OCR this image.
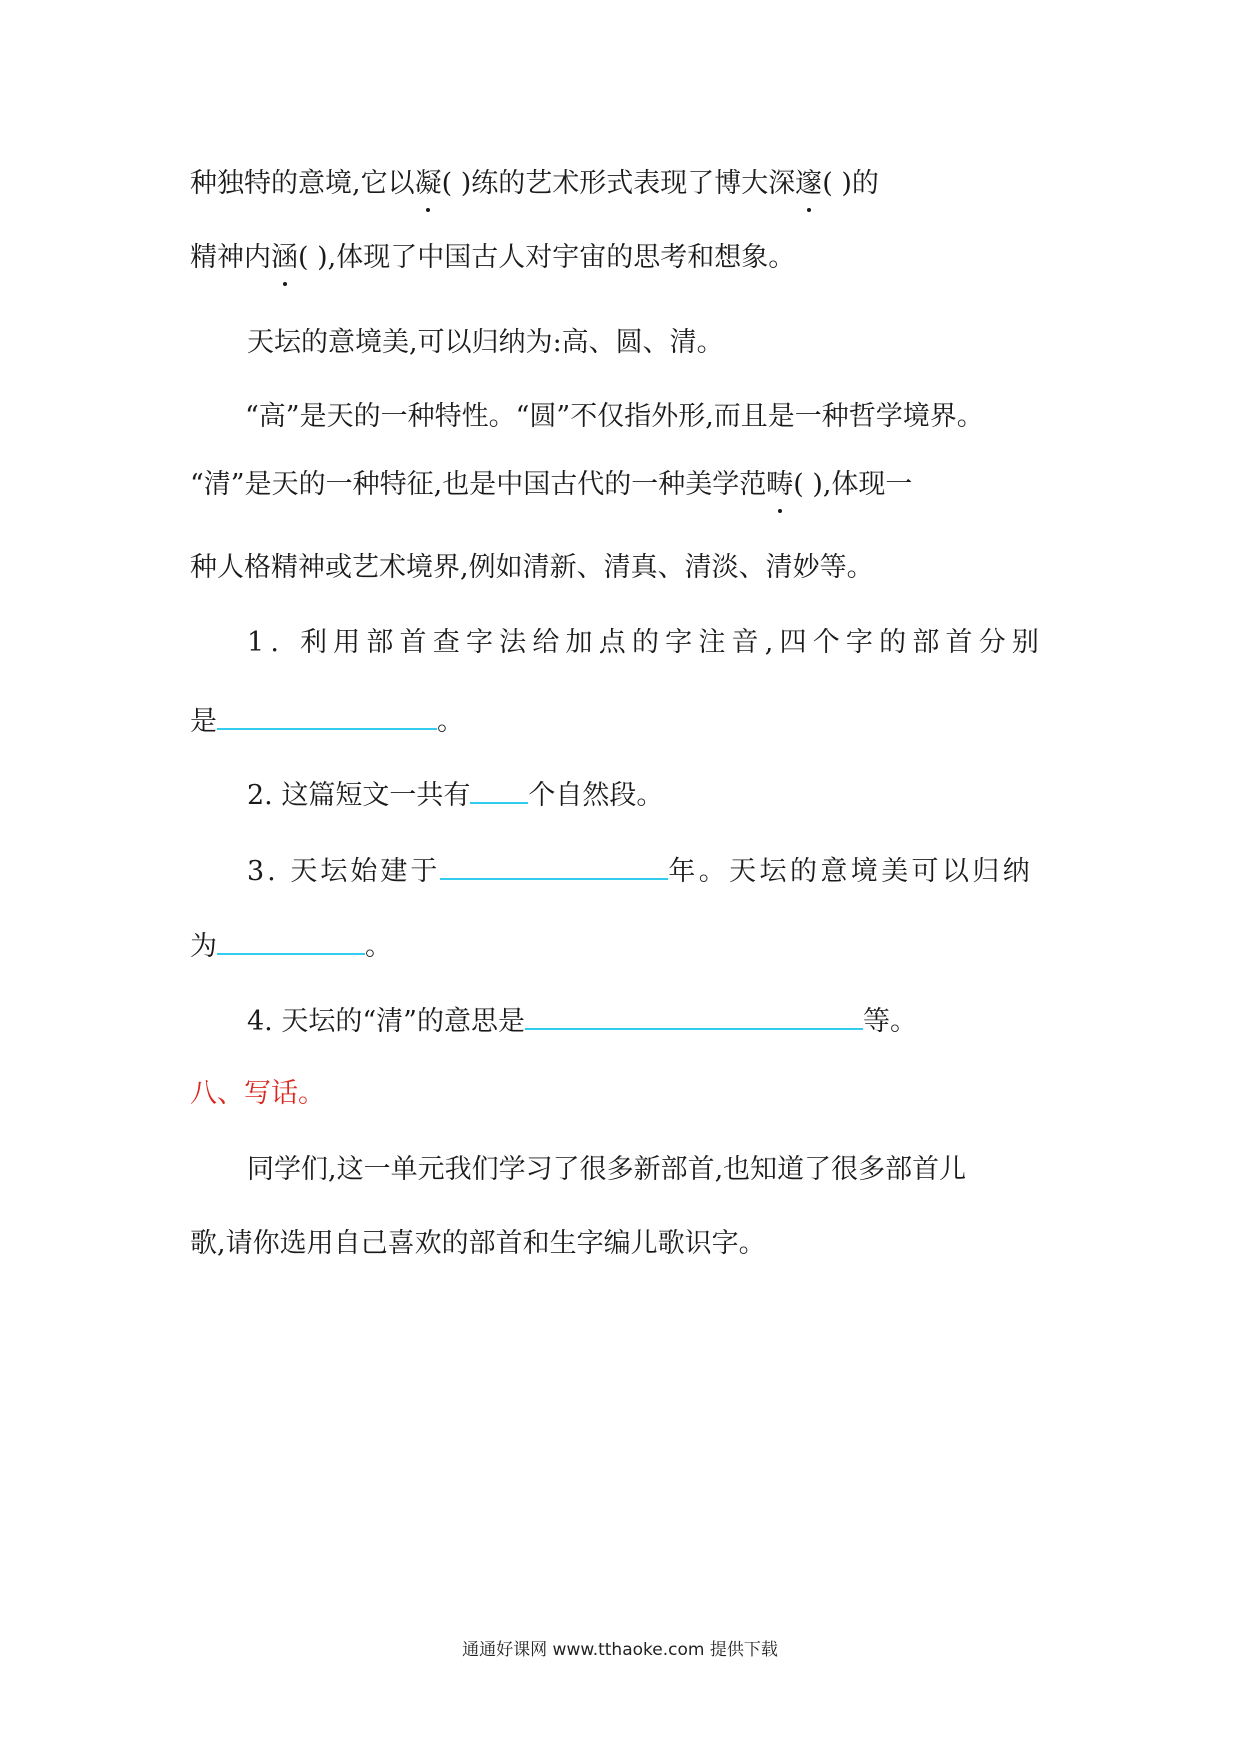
种独特的意境,它以凝( )练的艺术形式表现了博大深邃( )的
精神内涵( ),体现了中国古人对宇宙的思考和想象。
天坛的意境美,可以归纳为:高、圆、清。
“高”是天的一种特性。“圆”不仅指外形,而且是一种哲学境界。
“清”是天的一种特征,也是中国古代的一种美学范畴( ),体现一
种人格精神或艺术境界,例如清新、清真、清淡、清妙等。
1. 利用部首查字法给加点的字注音,四个字的部首分别
是	。
2. 这篇短文一共有 个自然段。
3. 天坛始建于	年。天坛的意境美可以归纳
为	。
4. 天坛的“清”的意思是	等。
八、写话。
同学们,这一单元我们学习了很多新部首,也知道了很多部首儿
歌,请你选用自己喜欢的部首和生字编儿歌识字。
通通好课网 www.tthaoke.com 提供下载
